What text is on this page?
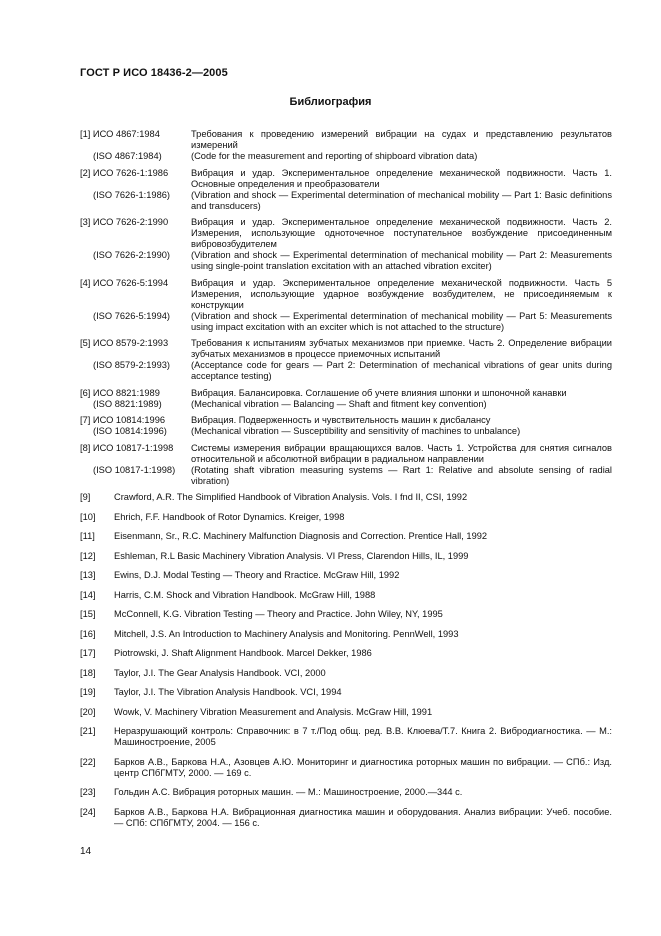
ГОСТ Р ИСО 18436-2—2005
Библиография
[1] ИСО 4867:1984	Требования к проведению измерений вибрации на судах и представлению результатов измерений
(ISO 4867:1984)	(Code for the measurement and reporting of shipboard vibration data)
[2] ИСО 7626-1:1986	Вибрация и удар. Экспериментальное определение механической подвижности. Часть 1. Основные определения и преобразователи
(ISO 7626-1:1986)	(Vibration and shock — Experimental determination of mechanical mobility — Part 1: Basic definitions and transducers)
[3] ИСО 7626-2:1990	Вибрация и удар. Экспериментальное определение механической подвижности. Часть 2. Измерения, использующие одноточечное поступательное возбуждение присоединенным вибровозбудителем
(ISO 7626-2:1990)	(Vibration and shock — Experimental determination of mechanical mobility — Part 2: Measurements using single-point translation excitation with an attached vibration exciter)
[4] ИСО 7626-5:1994	Вибрация и удар. Экспериментальное определение механической подвижности. Часть 5 Измерения, использующие ударное возбуждение возбудителем, не присоединяемым к конструкции
(ISO 7626-5:1994)	(Vibration and shock — Experimental determination of mechanical mobility — Part 5: Measurements using impact excitation with an exciter which is not attached to the structure)
[5] ИСО 8579-2:1993	Требования к испытаниям зубчатых механизмов при приемке. Часть 2. Определение вибрации зубчатых механизмов в процессе приемочных испытаний
(ISO 8579-2:1993)	(Acceptance code for gears — Part 2: Determination of mechanical vibrations of gear units during acceptance testing)
[6] ИСО 8821:1989	Вибрация. Балансировка. Соглашение об учете влияния шпонки и шпоночной канавки
(ISO 8821:1989)	(Mechanical vibration — Balancing — Shaft and fitment key convention)
[7] ИСО 10814:1996	Вибрация. Подверженность и чувствительность машин к дисбалансу
(ISO 10814:1996)	(Mechanical vibration — Susceptibility and sensitivity of machines to unbalance)
[8] ИСО 10817-1:1998	Системы измерения вибрации вращающихся валов. Часть 1. Устройства для снятия сигналов относительной и абсолютной вибрации в радиальном направлении
(ISO 10817-1:1998)	(Rotating shaft vibration measuring systems — Rart 1: Relative and absolute sensing of radial vibration)
[9]	Crawford, A.R. The Simplified Handbook of Vibration Analysis. Vols. I fnd II, CSI, 1992
[10]	Ehrich, F.F. Handbook of Rotor Dynamics. Kreiger, 1998
[11]	Eisenmann, Sr., R.C. Machinery Malfunction Diagnosis and Correction. Prentice Hall, 1992
[12]	Eshleman, R.L Basic Machinery Vibration Analysis. VI Press, Clarendon Hills, IL, 1999
[13]	Ewins, D.J. Modal Testing — Theory and Rractice. McGraw Hill, 1992
[14]	Harris, C.M. Shock and Vibration Handbook. McGraw Hill, 1988
[15]	McConnell, K.G. Vibration Testing — Theory and Practice. John Wiley, NY, 1995
[16]	Mitchell, J.S. An Introduction to Machinery Analysis and Monitoring. PennWell, 1993
[17]	Piotrowski, J. Shaft Alignment Handbook. Marcel Dekker, 1986
[18]	Taylor, J.I. The Gear Analysis Handbook. VCI, 2000
[19]	Taylor, J.I. The Vibration Analysis Handbook. VCI, 1994
[20]	Wowk, V. Machinery Vibration Measurement and Analysis. McGraw Hill, 1991
[21]	Неразрушающий контроль: Справочник: в 7 т./Под общ. ред. В.В. Клюева/Т.7. Книга 2. Вибродиагностика. — М.: Машиностроение, 2005
[22]	Барков А.В., Баркова Н.А., Азовцев А.Ю. Мониторинг и диагностика роторных машин по вибрации. — СПб.: Изд. центр СПбГМТУ, 2000. — 169 с.
[23]	Гольдин А.С. Вибрация роторных машин. — М.: Машиностроение, 2000.—344 с.
[24]	Барков А.В., Баркова Н.А. Вибрационная диагностика машин и оборудования. Анализ вибрации: Учеб. пособие. — СПб: СПбГМТУ, 2004. — 156 с.
14
